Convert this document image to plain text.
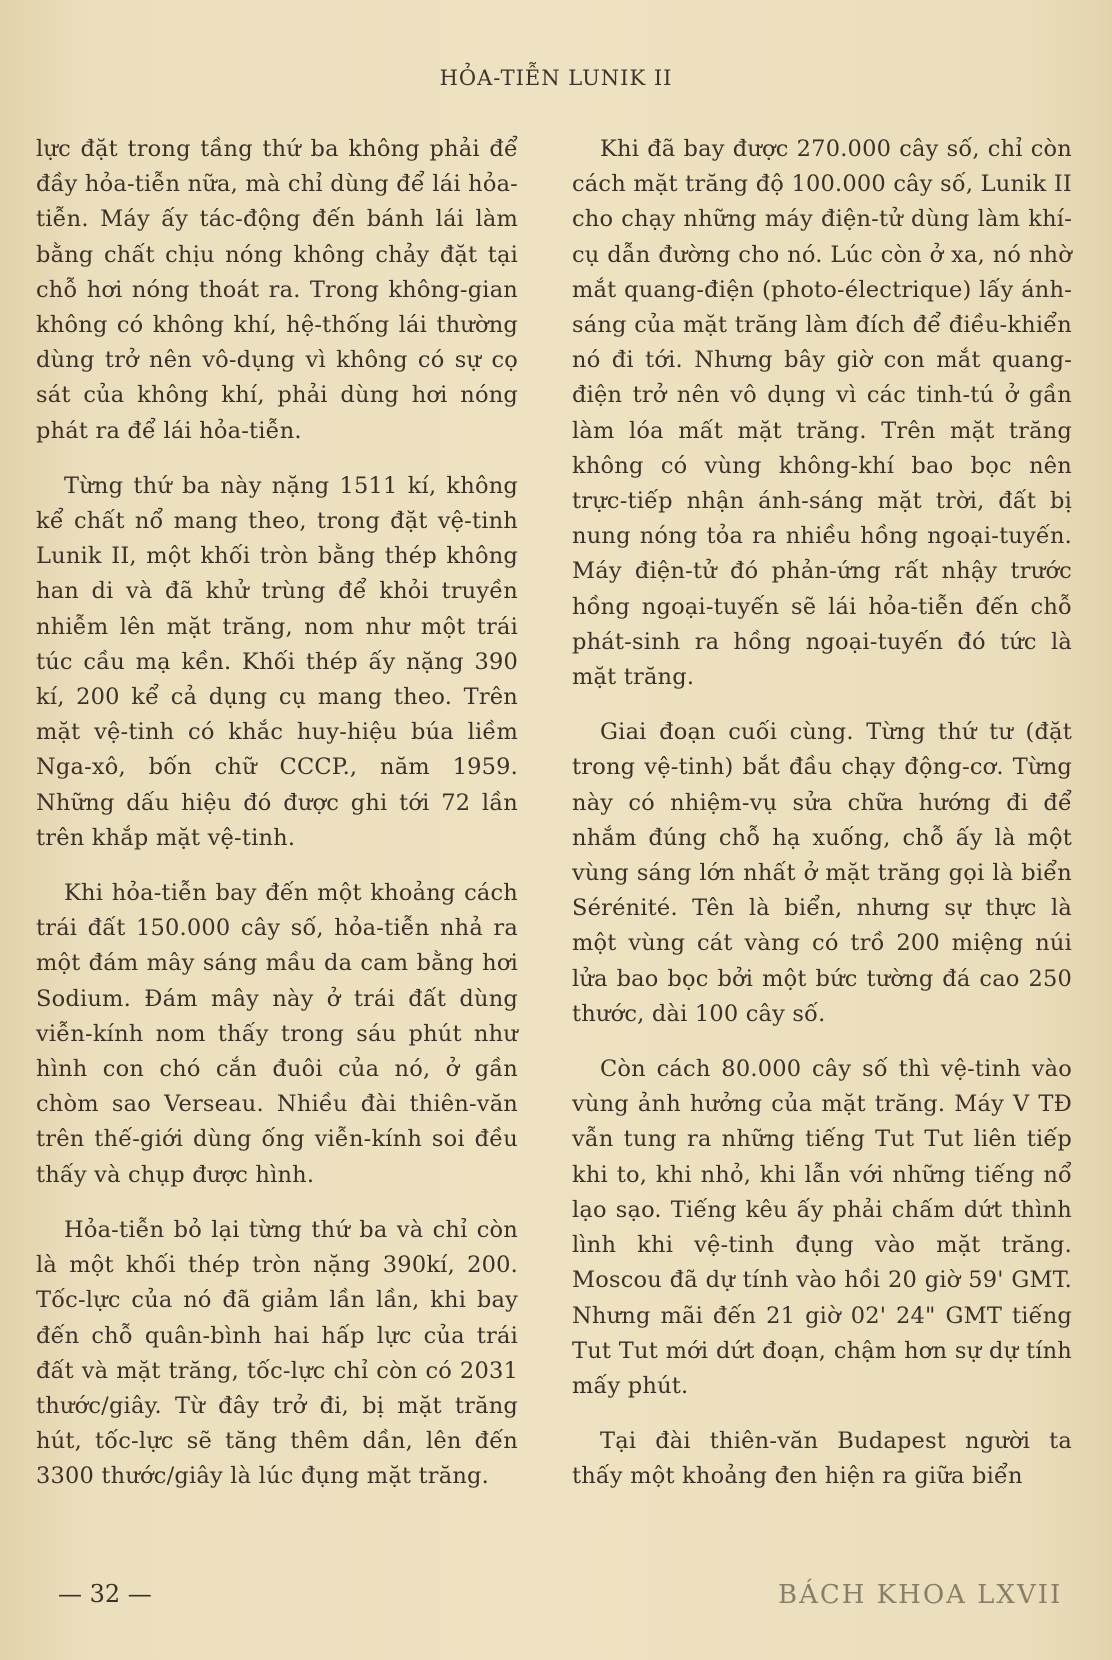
HỎA-TIỄN LUNIK II

lực đặt trong tầng thứ ba không phải để đầy hỏa-tiễn nữa, mà chỉ dùng để lái hỏa-tiễn. Máy ấy tác-động đến bánh lái làm bằng chất chịu nóng không chảy đặt tại chỗ hơi nóng thoát ra. Trong không-gian không có không khí, hệ-thống lái thường dùng trở nên vô-dụng vì không có sự cọ sát của không khí, phải dùng hơi nóng phát ra để lái hỏa-tiễn.

Từng thứ ba này nặng 1511 kí, không kể chất nổ mang theo, trong đặt vệ-tinh Lunik II, một khối tròn bằng thép không han di và đã khử trùng để khỏi truyền nhiễm lên mặt trăng, nom như một trái túc cầu mạ kền. Khối thép ấy nặng 390 kí, 200 kể cả dụng cụ mang theo. Trên mặt vệ-tinh có khắc huy-hiệu búa liềm Nga-xô, bốn chữ CCCP., năm 1959. Những dấu hiệu đó được ghi tới 72 lần trên khắp mặt vệ-tinh.

Khi hỏa-tiễn bay đến một khoảng cách trái đất 150.000 cây số, hỏa-tiễn nhả ra một đám mây sáng mầu da cam bằng hơi Sodium. Đám mây này ở trái đất dùng viễn-kính nom thấy trong sáu phút như hình con chó cắn đuôi của nó, ở gần chòm sao Verseau. Nhiều đài thiên-văn trên thế-giới dùng ống viễn-kính soi đều thấy và chụp được hình.

Hỏa-tiễn bỏ lại từng thứ ba và chỉ còn là một khối thép tròn nặng 390kí, 200. Tốc-lực của nó đã giảm lần lần, khi bay đến chỗ quân-bình hai hấp lực của trái đất và mặt trăng, tốc-lực chỉ còn có 2031 thước/giây. Từ đây trở đi, bị mặt trăng hút, tốc-lực sẽ tăng thêm dần, lên đến 3300 thước/giây là lúc đụng mặt trăng.

Khi đã bay được 270.000 cây số, chỉ còn cách mặt trăng độ 100.000 cây số, Lunik II cho chạy những máy điện-tử dùng làm khí-cụ dẫn đường cho nó. Lúc còn ở xa, nó nhờ mắt quang-điện (photo-électrique) lấy ánh-sáng của mặt trăng làm đích để điều-khiển nó đi tới. Nhưng bây giờ con mắt quang-điện trở nên vô dụng vì các tinh-tú ở gần làm lóa mất mặt trăng. Trên mặt trăng không có vùng không-khí bao bọc nên trực-tiếp nhận ánh-sáng mặt trời, đất bị nung nóng tỏa ra nhiều hồng ngoại-tuyến. Máy điện-tử đó phản-ứng rất nhậy trước hồng ngoại-tuyến sẽ lái hỏa-tiễn đến chỗ phát-sinh ra hồng ngoại-tuyến đó tức là mặt trăng.

Giai đoạn cuối cùng. Từng thứ tư (đặt trong vệ-tinh) bắt đầu chạy động-cơ. Từng này có nhiệm-vụ sửa chữa hướng đi để nhắm đúng chỗ hạ xuống, chỗ ấy là một vùng sáng lớn nhất ở mặt trăng gọi là biển Sérénité. Tên là biển, nhưng sự thực là một vùng cát vàng có trồ 200 miệng núi lửa bao bọc bởi một bức tường đá cao 250 thước, dài 100 cây số.

Còn cách 80.000 cây số thì vệ-tinh vào vùng ảnh hưởng của mặt trăng. Máy V TĐ vẫn tung ra những tiếng Tut Tut liên tiếp khi to, khi nhỏ, khi lẫn với những tiếng nổ lạo sạo. Tiếng kêu ấy phải chấm dứt thình lình khi vệ-tinh đụng vào mặt trăng. Moscou đã dự tính vào hồi 20 giờ 59' GMT. Nhưng mãi đến 21 giờ 02' 24" GMT tiếng Tut Tut mới dứt đoạn, chậm hơn sự dự tính mấy phút.

Tại đài thiên-văn Budapest người ta thấy một khoảng đen hiện ra giữa biển

— 32 —	BÁCH KHOA LXVII
